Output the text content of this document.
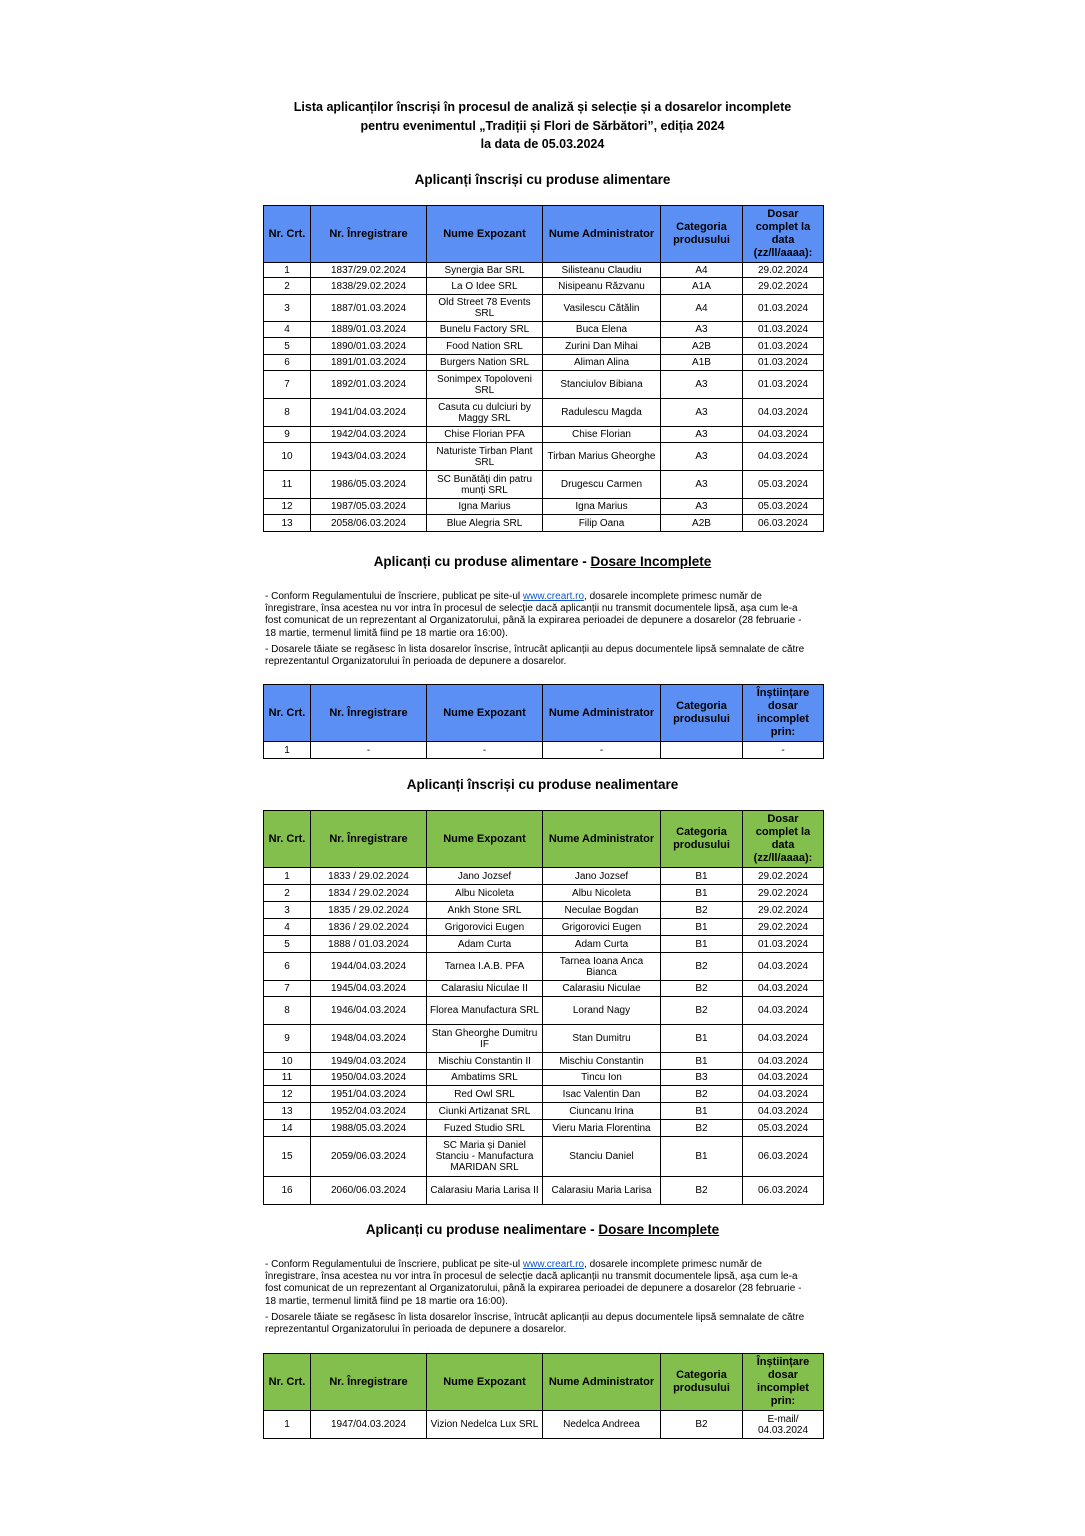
Lista aplicanților înscriși în procesul de analiză și selecție și a dosarelor incomplete
pentru evenimentul „Tradiții și Flori de Sărbători”, ediția 2024
la data de 05.03.2024
Aplicanți înscriși cu produse alimentare
Nr. Crt.	Nr. Înregistrare	Nume Expozant	Nume Administrator	Categoria produsului	Dosar complet la data (zz/ll/aaaa):
1	1837/29.02.2024	Synergia Bar SRL	Silisteanu Claudiu	A4	29.02.2024
2	1838/29.02.2024	La O Idee SRL	Nisipeanu Răzvanu	A1A	29.02.2024
3	1887/01.03.2024	Old Street 78 Events SRL	Vasilescu Cătălin	A4	01.03.2024
4	1889/01.03.2024	Bunelu Factory SRL	Buca Elena	A3	01.03.2024
5	1890/01.03.2024	Food Nation SRL	Zurini Dan Mihai	A2B	01.03.2024
6	1891/01.03.2024	Burgers Nation SRL	Aliman Alina	A1B	01.03.2024
7	1892/01.03.2024	Sonimpex Topoloveni SRL	Stanciulov Bibiana	A3	01.03.2024
8	1941/04.03.2024	Casuta cu dulciuri by Maggy SRL	Radulescu Magda	A3	04.03.2024
9	1942/04.03.2024	Chise Florian PFA	Chise Florian	A3	04.03.2024
10	1943/04.03.2024	Naturiste Tirban Plant SRL	Tirban Marius Gheorghe	A3	04.03.2024
11	1986/05.03.2024	SC Bunătăți din patru munți SRL	Drugescu Carmen	A3	05.03.2024
12	1987/05.03.2024	Igna Marius	Igna Marius	A3	05.03.2024
13	2058/06.03.2024	Blue Alegria SRL	Filip Oana	A2B	06.03.2024
Aplicanți cu produse alimentare - Dosare Incomplete

- Conform Regulamentului de înscriere, publicat pe site-ul www.creart.ro, dosarele incomplete primesc număr de înregistrare, însa acestea nu vor intra în procesul de selecție dacă aplicanții nu transmit documentele lipsă, așa cum le-a fost comunicat de un reprezentant al Organizatorului, până la expirarea perioadei de depunere a dosarelor (28 februarie - 18 martie, termenul limită fiind pe 18 martie ora 16:00).

- Dosarele tăiate se regăsesc în lista dosarelor înscrise, întrucât aplicanții au depus documentele lipsă semnalate de către reprezentantul Organizatorului în perioada de depunere a dosarelor.

Nr. Crt.	Nr. Înregistrare	Nume Expozant	Nume Administrator	Categoria produsului	Înștiințare dosar incomplet prin:
1	-	-	-		-
Aplicanți înscriși cu produse nealimentare
Nr. Crt.	Nr. Înregistrare	Nume Expozant	Nume Administrator	Categoria produsului	Dosar complet la data (zz/ll/aaaa):
1	1833 / 29.02.2024	Jano Jozsef	Jano Jozsef	B1	29.02.2024
2	1834 / 29.02.2024	Albu Nicoleta	Albu Nicoleta	B1	29.02.2024
3	1835 / 29.02.2024	Ankh Stone SRL	Neculae Bogdan	B2	29.02.2024
4	1836 / 29.02.2024	Grigorovici Eugen	Grigorovici Eugen	B1	29.02.2024
5	1888 / 01.03.2024	Adam Curta	Adam Curta	B1	01.03.2024
6	1944/04.03.2024	Tarnea I.A.B. PFA	Tarnea Ioana Anca Bianca	B2	04.03.2024
7	1945/04.03.2024	Calarasiu Niculae II	Calarasiu Niculae	B2	04.03.2024
8	1946/04.03.2024	Florea Manufactura SRL	Lorand Nagy	B2	04.03.2024
9	1948/04.03.2024	Stan Gheorghe Dumitru IF	Stan Dumitru	B1	04.03.2024
10	1949/04.03.2024	Mischiu Constantin II	Mischiu Constantin	B1	04.03.2024
11	1950/04.03.2024	Ambatims SRL	Tincu Ion	B3	04.03.2024
12	1951/04.03.2024	Red Owl SRL	Isac Valentin Dan	B2	04.03.2024
13	1952/04.03.2024	Ciunki Artizanat SRL	Ciuncanu Irina	B1	04.03.2024
14	1988/05.03.2024	Fuzed Studio SRL	Vieru Maria Florentina	B2	05.03.2024
15	2059/06.03.2024	SC Maria și Daniel Stanciu - Manufactura MARIDAN SRL	Stanciu Daniel	B1	06.03.2024
16	2060/06.03.2024	Calarasiu Maria Larisa II	Calarasiu Maria Larisa	B2	06.03.2024
Aplicanți cu produse nealimentare - Dosare Incomplete

- Conform Regulamentului de înscriere, publicat pe site-ul www.creart.ro, dosarele incomplete primesc număr de înregistrare, însa acestea nu vor intra în procesul de selecție dacă aplicanții nu transmit documentele lipsă, așa cum le-a fost comunicat de un reprezentant al Organizatorului, până la expirarea perioadei de depunere a dosarelor (28 februarie - 18 martie, termenul limită fiind pe 18 martie ora 16:00).

- Dosarele tăiate se regăsesc în lista dosarelor înscrise, întrucât aplicanții au depus documentele lipsă semnalate de către reprezentantul Organizatorului în perioada de depunere a dosarelor.

Nr. Crt.	Nr. Înregistrare	Nume Expozant	Nume Administrator	Categoria produsului	Înștiințare dosar incomplet prin:
1	1947/04.03.2024	Vizion Nedelca Lux SRL	Nedelca Andreea	B2	E-mail/ 04.03.2024
